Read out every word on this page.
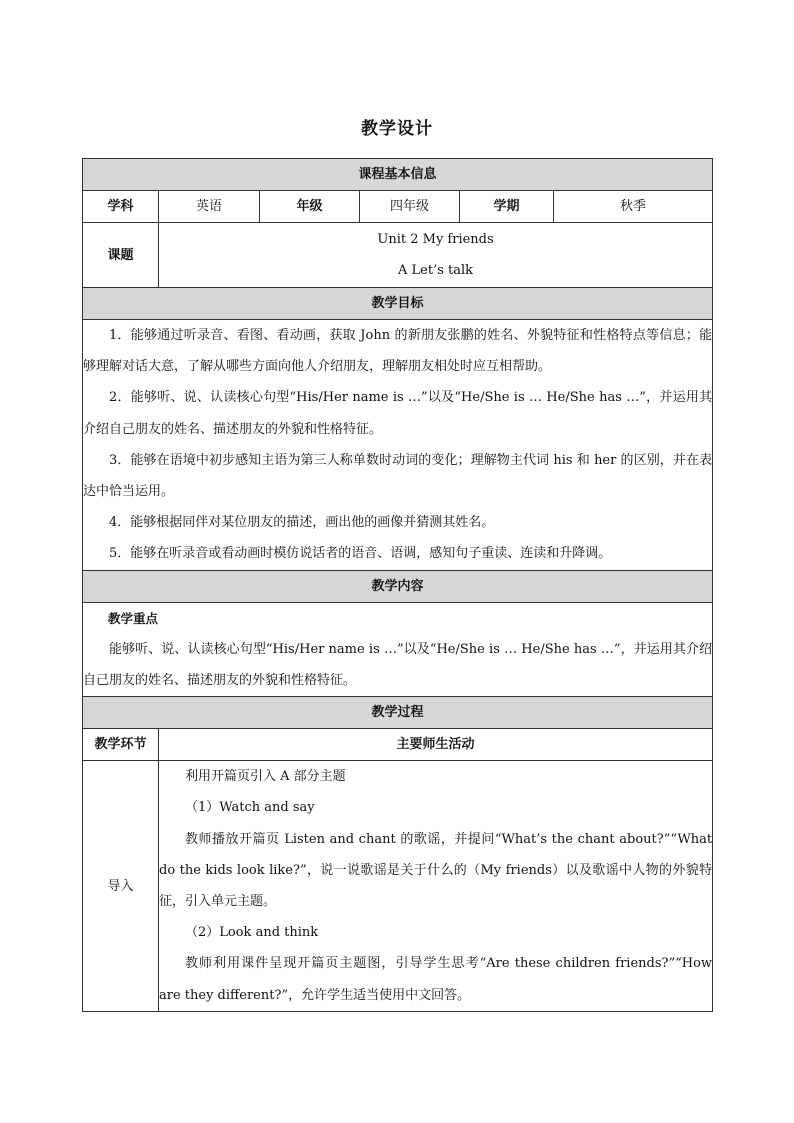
教学设计
课程基本信息					
学科	英语	年级	四年级	学期	秋季
课题	Unit 2 My friends
A Let’s talk				

教学目标					

1．能够通过听录音、看图、看动画，获取 John 的新朋友张鹏的姓名、外貌特征和性格特点等信息；能够理解对话大意，了解从哪些方面向他人介绍朋友，理解朋友相处时应互相帮助。

2．能够听、说、认读核心句型“His/Her name is …”以及“He/She is … He/She has …”，并运用其介绍自己朋友的姓名、描述朋友的外貌和性格特征。

3．能够在语境中初步感知主语为第三人称单数时动词的变化；理解物主代词 his 和 her 的区别，并在表达中恰当运用。

4．能够根据同伴对某位朋友的描述，画出他的画像并猜测其姓名。

5．能够在听录音或看动画时模仿说话者的语音、语调，感知句子重读、连读和升降调。					

教学内容					

教学重点

能够听、说、认读核心句型“His/Her name is …”以及“He/She is … He/She has …”，并运用其介绍自己朋友的姓名、描述朋友的外貌和性格特征。					

教学过程					
教学环节	主要师生活动				
导入	利用开篇页引入 A 部分主题

（1）Watch and say

教师播放开篇页 Listen and chant 的歌谣，并提问“What’s the chant about?”“What do the kids look like?”，说一说歌谣是关于什么的（My friends）以及歌谣中人物的外貌特征，引入单元主题。

（2）Look and think

教师利用课件呈现开篇页主题图，引导学生思考“Are these children friends?”“How are they different?”，允许学生适当使用中文回答。				
